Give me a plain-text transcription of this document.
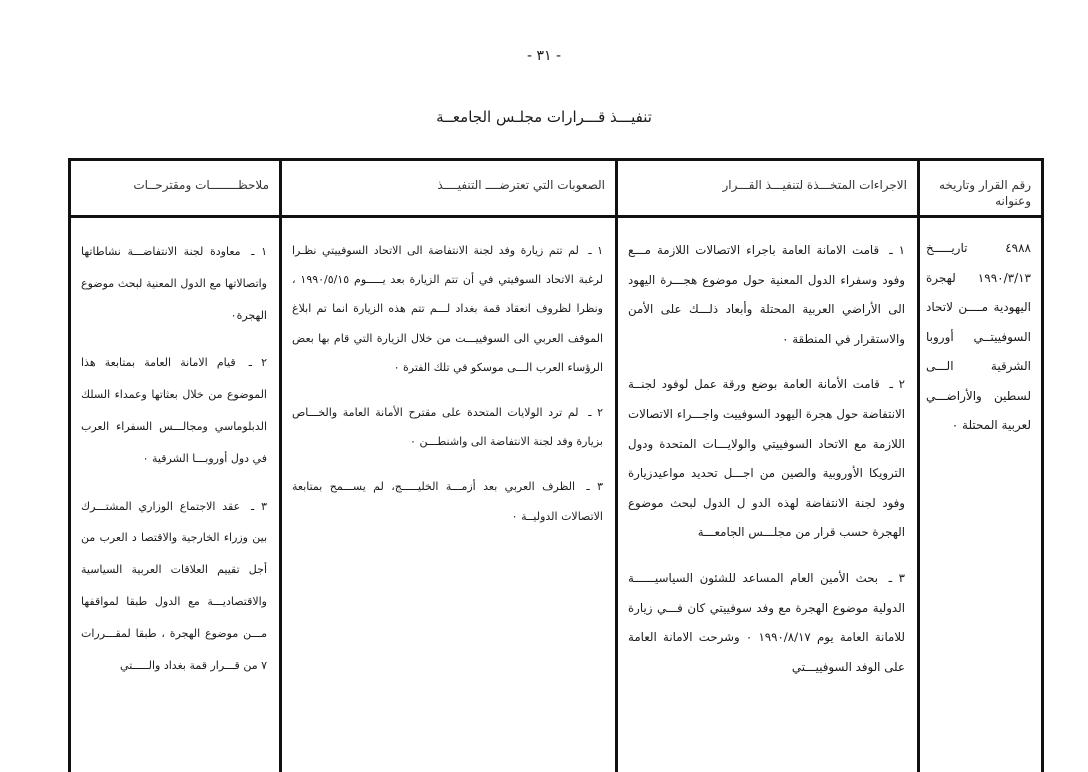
- ٣١ -
تنفيـــذ قـــرارات مجلـس الجامعــة
رقم القرار وتاريخه وعنوانه
٤٩٨٨ تاريـــــخ ١٩٩٠/٣/١٣ لهجرة اليهودية مــــن لاتحاد السوفييتــي أوروبا الشرقية الـــى لسطين والأراضـــي لعربية المحتلة ٠
الاجراءات المتخـــذة لتنفيـــذ القـــرار
١ ـ قامت الامانة العامة باجراء الاتصالات اللازمة مـــع وفود وسفراء الدول المعنية حول موضوع هجـــرة اليهود الى الأراضي العربية المحتلة وأبعاد ذلـــك على الأمن والاستقرار في المنطقة ٠
٢ ـ قامت الأمانة العامة بوضع ورقة عمل لوفود لجنــة الانتفاضة حول هجرة اليهود السوفييت واجـــراء الاتصالات اللازمة مع الاتحاد السوفييتي والولايـــات المتحدة ودول الترويكا الأوروبية والصين من اجـــل تحديد مواعيدزيارة وفود لجنة الانتفاضة لهذه الدو ل الدول لبحث موضوع الهجرة حسب قرار من مجلـــس الجامعـــة
٣ ـ بحث الأمين العام المساعد للشئون السياسيــــــة الدولية موضوع الهجرة مع وفد سوفييتي كان فـــي زيارة للامانة العامة يوم ١٩٩٠/٨/١٧ ٠ وشرحت الامانة العامة على الوفد السوفييـــتي
الصعوبات التي تعترضــــ التنفيــــذ
١ ـ لم تتم زيارة وفد لجنة الانتفاضة الى الاتحاد السوفييتي نظـرا لرغبة الاتحاد السوفيتي في أن تتم الزيارة بعد يـــــوم ١٩٩٠/٥/١٥ ، ونظرا لظروف انعقاد قمة بغداد لـــم تتم هذه الزيارة انما تم ابلاغ الموقف العربي الى السوفييـــت من خلال الزيارة التي قام بها بعض الرؤساء العرب الـــى موسكو في تلك الفترة ٠
٢ ـ لم ترد الولايات المتحدة على مقترح الأمانة العامة والخـــاص بزيارة وفد لجنة الانتفاضة الى واشنطـــن ٠
٣ ـ الظرف العربي بعد أزمـــة الخليـــــج، لم يســـمح بمتابعة الاتصالات الدوليــة ٠
ملاحظــــــــات ومقترحــات
١ ـ معاودة لجنة الانتفاضـــة نشاطاتها واتصالاتها مع الدول المعنية لبحث موضوع الهجرة٠
٢ ـ قيام الامانة العامة بمتابعة هذا الموضوع من خلال بعثاتها وعمداء السلك الدبلوماسي ومجالـــس السفراء العرب في دول أوروبـــا الشرقية ٠
٣ ـ عقد الاجتماع الوزاري المشتـــرك بين وزراء الخارجية والاقتصا د العرب من أجل تقييم العلاقات العربية السياسية والاقتصاديـــة مع الدول طبقا لمواقفها مـــن موضوع الهجرة ، طبقا لمقـــررات ٧ من قـــرار قمة بغداد والـــــتي
